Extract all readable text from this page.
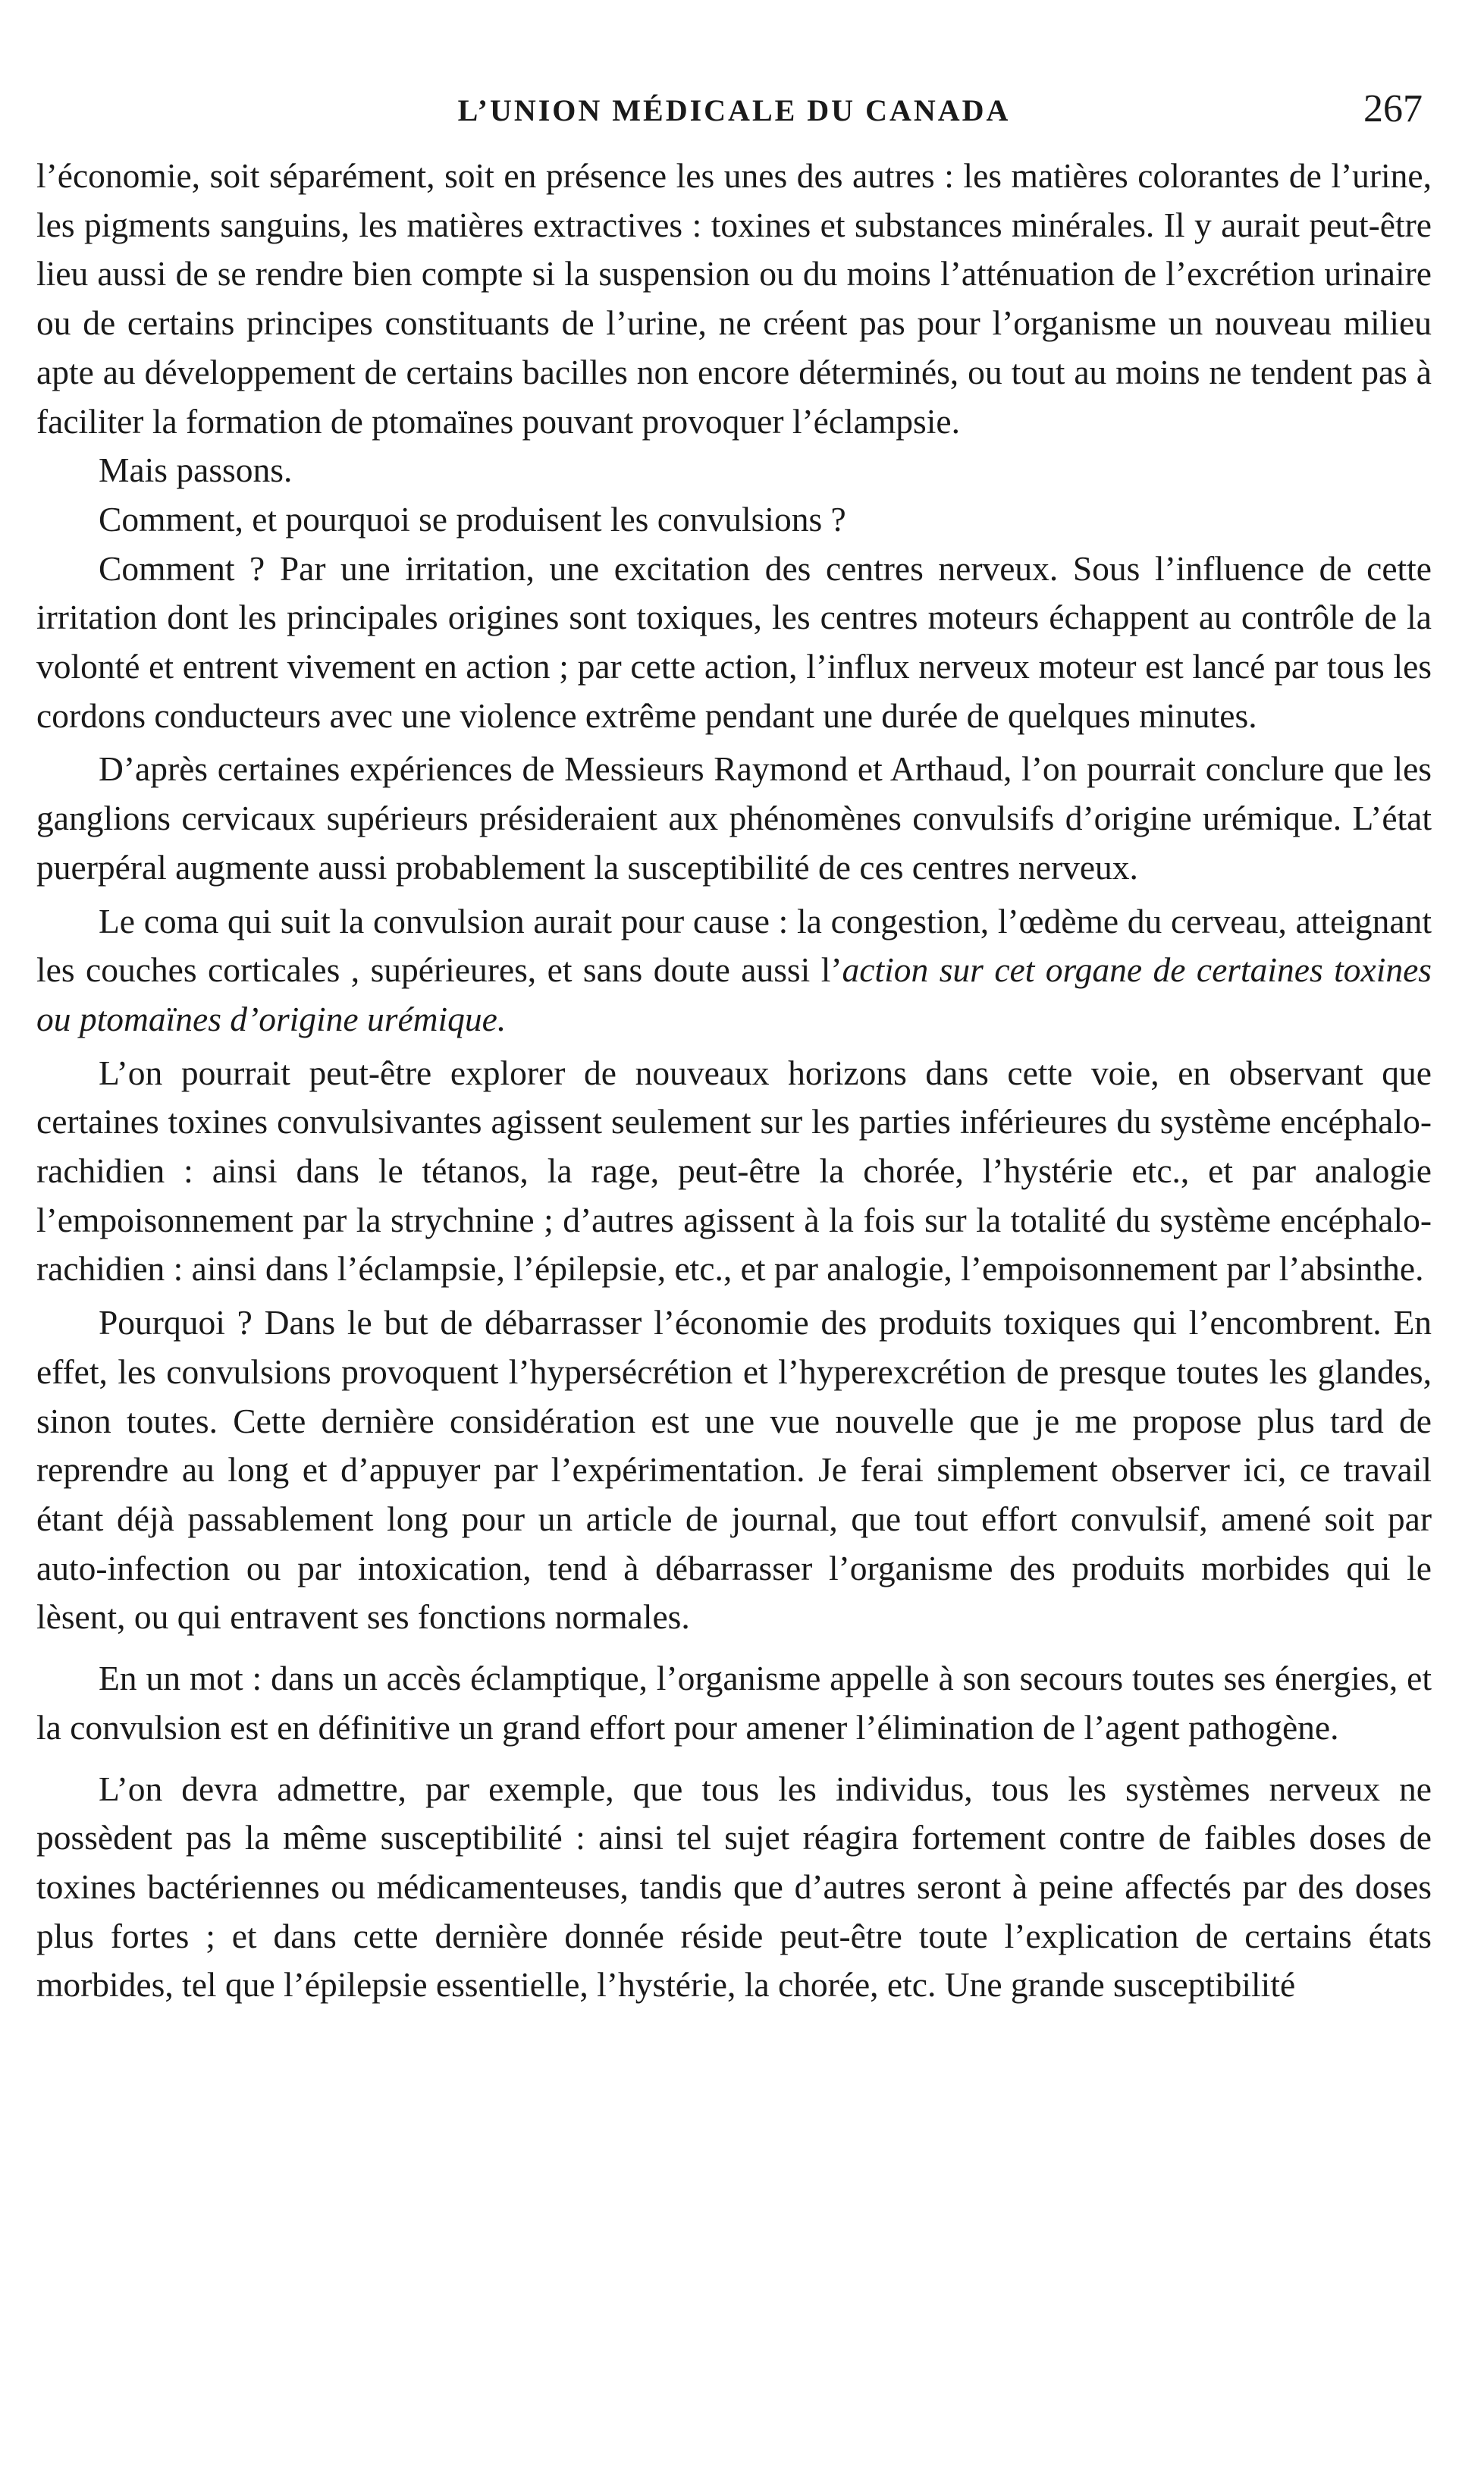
L’UNION MÉDICALE DU CANADA	267

l’économie, soit séparément, soit en présence les unes des autres : les matières colorantes de l’urine, les pigments sanguins, les matières extractives : toxines et substances minérales. Il y aurait peut-être lieu aussi de se rendre bien compte si la suspension ou du moins l’atténuation de l’excrétion urinaire ou de certains principes constituants de l’urine, ne créent pas pour l’organisme un nouveau milieu apte au développement de certains bacilles non encore déterminés, ou tout au moins ne tendent pas à faciliter la formation de ptomaïnes pouvant provoquer l’éclampsie.

Mais passons.

Comment, et pourquoi se produisent les convulsions ?

Comment ? Par une irritation, une excitation des centres nerveux. Sous l’influence de cette irritation dont les principales origines sont toxiques, les centres moteurs échappent au contrôle de la volonté et entrent vivement en action ; par cette action, l’influx nerveux moteur est lancé par tous les cordons conducteurs avec une violence extrême pendant une durée de quelques minutes.

D’après certaines expériences de Messieurs Raymond et Arthaud, l’on pourrait conclure que les ganglions cervicaux supérieurs présideraient aux phénomènes convulsifs d’origine urémique. L’état puerpéral augmente aussi probablement la susceptibilité de ces centres nerveux.

Le coma qui suit la convulsion aurait pour cause : la congestion, l’œdème du cerveau, atteignant les couches corticales , supérieures, et sans doute aussi l’action sur cet organe de certaines toxines ou ptomaïnes d’origine urémique.

L’on pourrait peut-être explorer de nouveaux horizons dans cette voie, en observant que certaines toxines convulsivantes agissent seulement sur les parties inférieures du système encéphalo-rachidien : ainsi dans le tétanos, la rage, peut-être la chorée, l’hystérie etc., et par analogie l’empoisonnement par la strychnine ; d’autres agissent à la fois sur la totalité du système encéphalo-rachidien : ainsi dans l’éclampsie, l’épilepsie, etc., et par analogie, l’empoisonnement par l’absinthe.

Pourquoi ? Dans le but de débarrasser l’économie des produits toxiques qui l’encombrent. En effet, les convulsions provoquent l’hypersécrétion et l’hyperexcrétion de presque toutes les glandes, sinon toutes. Cette dernière considération est une vue nouvelle que je me propose plus tard de reprendre au long et d’appuyer par l’expérimentation. Je ferai simplement observer ici, ce travail étant déjà passablement long pour un article de journal, que tout effort convulsif, amené soit par auto-infection ou par intoxication, tend à débarrasser l’organisme des produits morbides qui le lèsent, ou qui entravent ses fonctions normales.

En un mot : dans un accès éclamptique, l’organisme appelle à son secours toutes ses énergies, et la convulsion est en définitive un grand effort pour amener l’élimination de l’agent pathogène.

L’on devra admettre, par exemple, que tous les individus, tous les systèmes nerveux ne possèdent pas la même susceptibilité : ainsi tel sujet réagira fortement contre de faibles doses de toxines bactériennes ou médicamenteuses, tandis que d’autres seront à peine affectés par des doses plus fortes ; et dans cette dernière donnée réside peut-être toute l’explication de certains états morbides, tel que l’épilepsie essentielle, l’hystérie, la chorée, etc. Une grande susceptibilité
